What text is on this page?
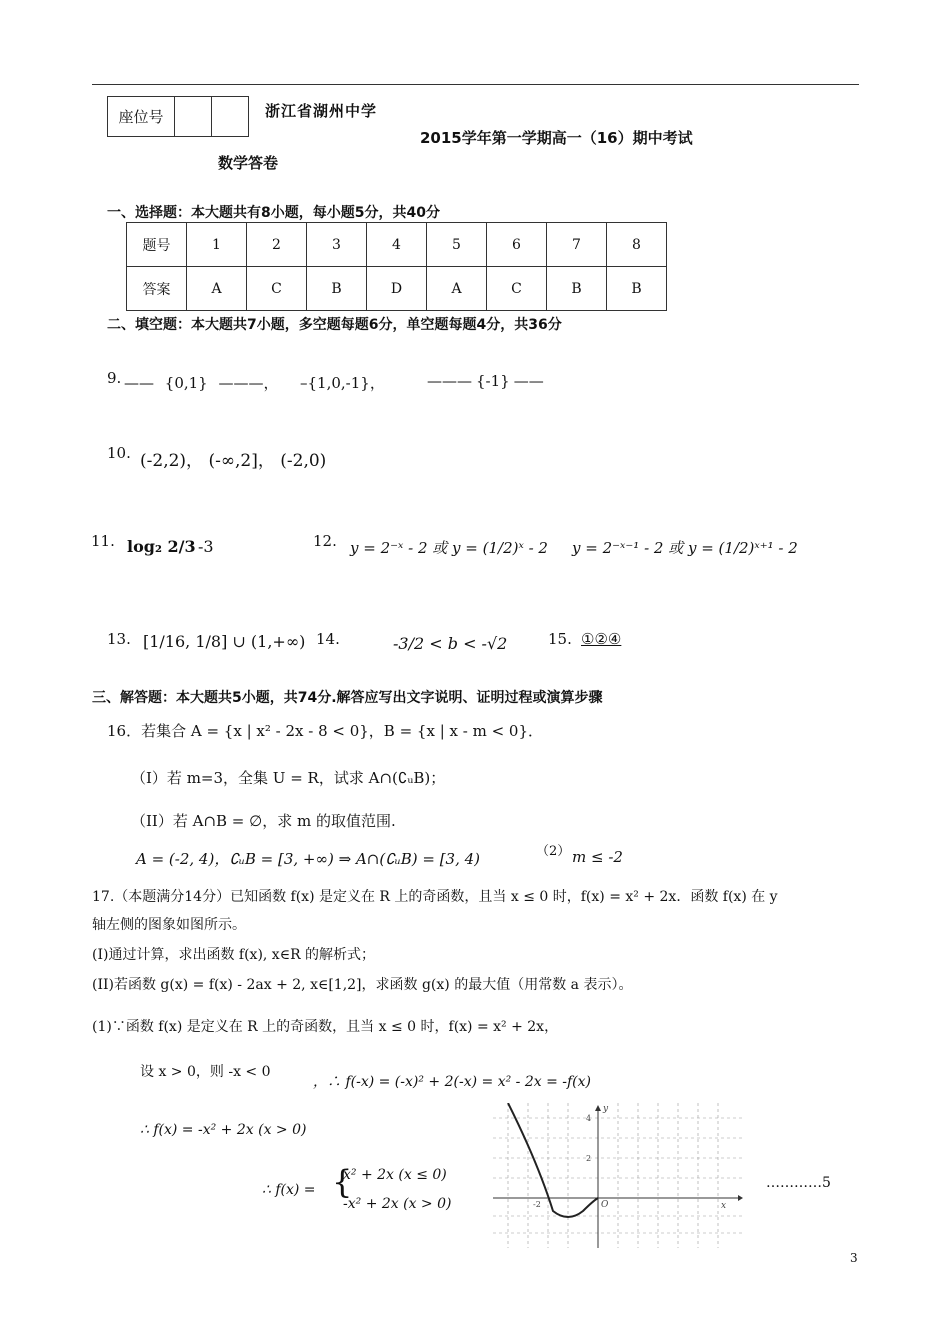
座位号			浙江省湖州中学
2015学年第一学期高一（16）期中考试
数学答卷
一、选择题：本大题共有8小题，每小题5分，共40分
题号	1	2	3	4	5	6	7	8
答案	A	C	B	D	A	C	B	B
二、填空题：本大题共7小题，多空题每题6分，单空题每题4分，共36分
9. —— {0,1} ———， –{1,0,-1}，	——— {-1} ——
10. (-2,2)， (-∞,2]， (-2,0)
11. log₂ 2/3 -3	12. y = 2⁻ˣ - 2 或 y = (1/2)ˣ - 2 y = 2⁻ˣ⁻¹ - 2 或 y = (1/2)ˣ⁺¹ - 2
13. [1/16, 1/8] ∪ (1,+∞) 14.	-3/2 < b < -√2	15. ①②④
三、解答题：本大题共5小题，共74分.解答应写出文字说明、证明过程或演算步骤
16．若集合 A = {x | x² - 2x - 8 < 0}，B = {x | x - m < 0}．
（I）若 m=3，全集 U = R，试求 A∩(∁ᵤB)；
（II）若 A∩B = ∅，求 m 的取值范围.
A = (-2, 4)，∁ᵤB = [3, +∞) ⇒ A∩(∁ᵤB) = [3, 4)	（2） m ≤ -2
17.（本题满分14分）已知函数 f(x) 是定义在 R 上的奇函数，且当 x ≤ 0 时，f(x) = x² + 2x．函数 f(x) 在 y
轴左侧的图象如图所示。
(I)通过计算，求出函数 f(x), x∈R 的解析式；
(II)若函数 g(x) = f(x) - 2ax + 2, x∈[1,2]，求函数 g(x) 的最大值（用常数 a 表示）。
(1)∵函数 f(x) 是定义在 R 上的奇函数，且当 x ≤ 0 时，f(x) = x² + 2x，
设 x > 0，则 -x < 0
，∴ f(-x) = (-x)² + 2(-x) = x² - 2x = -f(x)
∴ f(x) = -x² + 2x (x > 0)
∴ f(x) = {
x² + 2x (x ≤ 0)
-x² + 2x (x > 0)
…………5
y
x
O
4
2
-2
3
